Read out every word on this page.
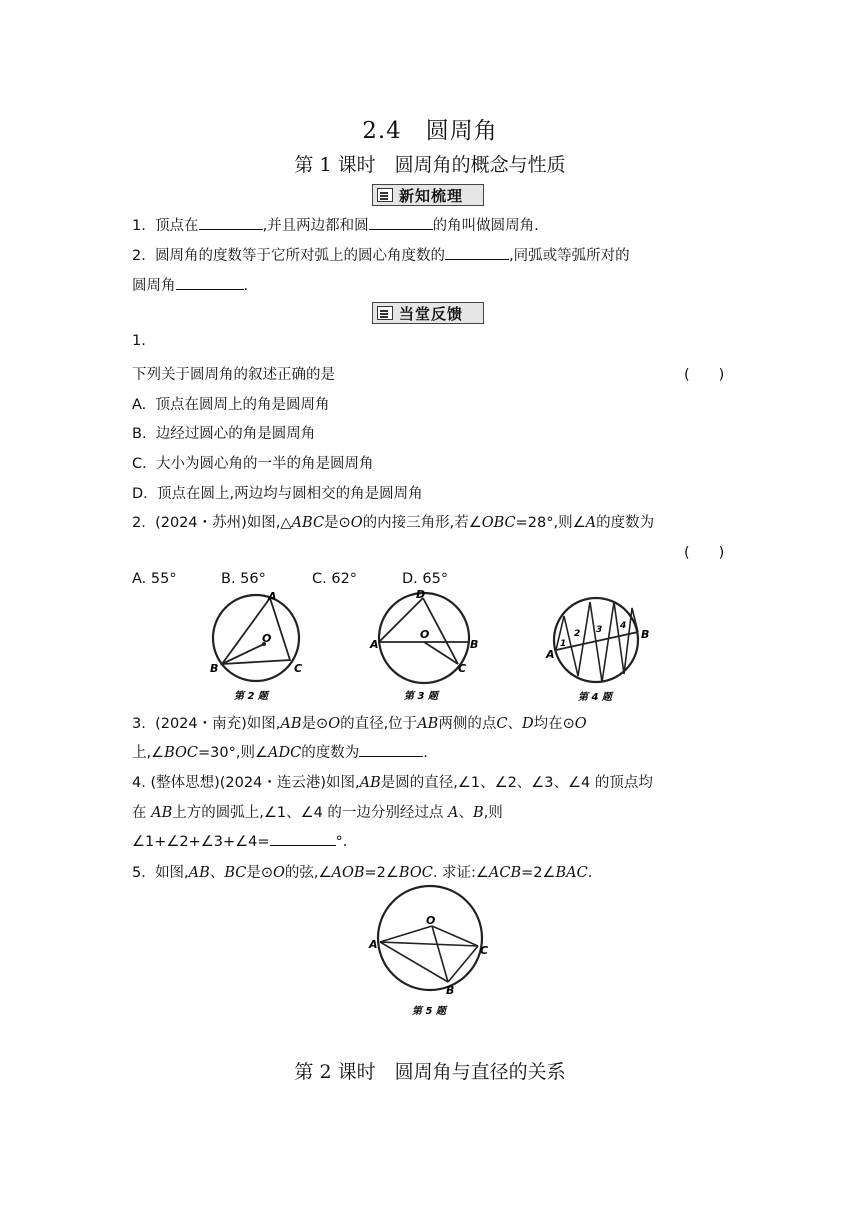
2.4　圆周角
第 1 课时　圆周角的概念与性质
新知梳理
1. 顶点在	,并且两边都和圆	的角叫做圆周角.
2. 圆周角的度数等于它所对弧上的圆心角度数的	,同弧或等弧所对的
圆周角	.
当堂反馈
1.
下列关于圆周角的叙述正确的是	(　　)
A. 顶点在圆周上的角是圆周角
B. 边经过圆心的角是圆周角
C. 大小为圆心角的一半的角是圆周角
D. 顶点在圆上,两边均与圆相交的角是圆周角
2. (2024・苏州)如图,△ABC是⊙O的内接三角形,若∠OBC=28°,则∠A的度数为
(　　)
A. 55°	B. 56°	C. 62°	D. 65°
A
B	C
O
第 2 题
D
A	B
O
C
第 3 题
A
B
1
2 3 4
第 4 题
3. (2024・南充)如图,AB是⊙O的直径,位于AB两侧的点C、D均在⊙O
上,∠BOC=30°,则∠ADC的度数为	.
4. (整体思想)(2024・连云港)如图,AB是圆的直径,∠1、∠2、∠3、∠4 的顶点均
在 AB上方的圆弧上,∠1、∠4 的一边分别经过点 A、B,则
∠1+∠2+∠3+∠4=	°.
5. 如图,AB、BC是⊙O的弦,∠AOB=2∠BOC. 求证:∠ACB=2∠BAC.
O
A	C
B
第 5 题
第 2 课时　圆周角与直径的关系
